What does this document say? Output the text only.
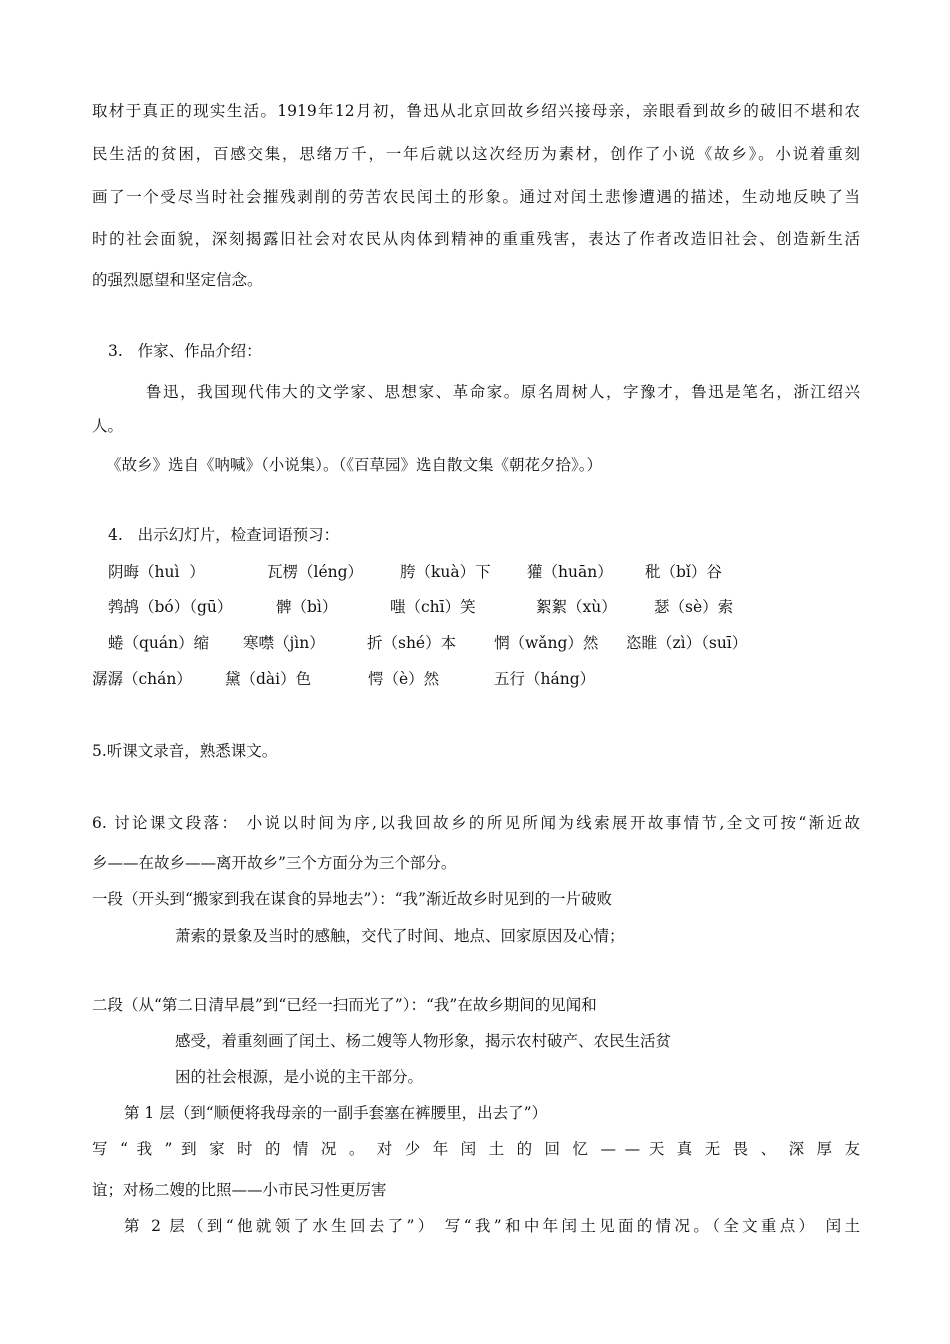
取材于真正的现实生活。1919年12月初，鲁迅从北京回故乡绍兴接母亲，亲眼看到故乡的破旧不堪和农
民生活的贫困，百感交集，思绪万千，一年后就以这次经历为素材，创作了小说《故乡》。小说着重刻
画了一个受尽当时社会摧残剥削的劳苦农民闰土的形象。通过对闰土悲惨遭遇的描述，生动地反映了当
时的社会面貌，深刻揭露旧社会对农民从肉体到精神的重重残害，表达了作者改造旧社会、创造新生活
的强烈愿望和坚定信念。
3.   作家、作品介绍：
鲁迅，我国现代伟大的文学家、思想家、革命家。原名周树人，字豫才，鲁迅是笔名，浙江绍兴
人。
《故乡》选自《呐喊》（小说集）。（《百草园》选自散文集《朝花夕拾》。）
4.   出示幻灯片，检查词语预习：
阴晦（huì  ）	瓦楞（léng） 胯（kuà）下 獾（huān） 秕（bǐ）谷
鹁鸪（bó）（gū）	髀（bì）	嗤（chī）笑	絮絮（xù） 瑟（sè）索
蜷（quán）缩 寒噤（jìn）	折（shé）本 惘（wǎng）然 恣睢（zì）（suī）
潺潺（chán） 黛（dài）色	愕（è）然	五行（háng）
5.听课文录音，熟悉课文。
6. 讨论课文段落： 小说以时间为序,以我回故乡的所见所闻为线索展开故事情节,全文可按“渐近故
乡——在故乡——离开故乡”三个方面分为三个部分。
一段（开头到“搬家到我在谋食的异地去”）：“我”渐近故乡时见到的一片破败
萧索的景象及当时的感触，交代了时间、地点、回家原因及心情；
二段（从“第二日清早晨”到“已经一扫而光了”）：“我”在故乡期间的见闻和
感受，着重刻画了闰土、杨二嫂等人物形象，揭示农村破产、农民生活贫
困的社会根源，是小说的主干部分。
第 1 层（到“顺便将我母亲的一副手套塞在裤腰里，出去了”）
写 “ 我 ” 到 家 时 的 情 况 。 对 少 年 闰 土 的 回 忆 — — 天 真 无 畏 、 深 厚 友
谊；对杨二嫂的比照——小市民习性更厉害
第 2 层（到“他就领了水生回去了”） 写“我”和中年闰土见面的情况。（全文重点） 闰土
